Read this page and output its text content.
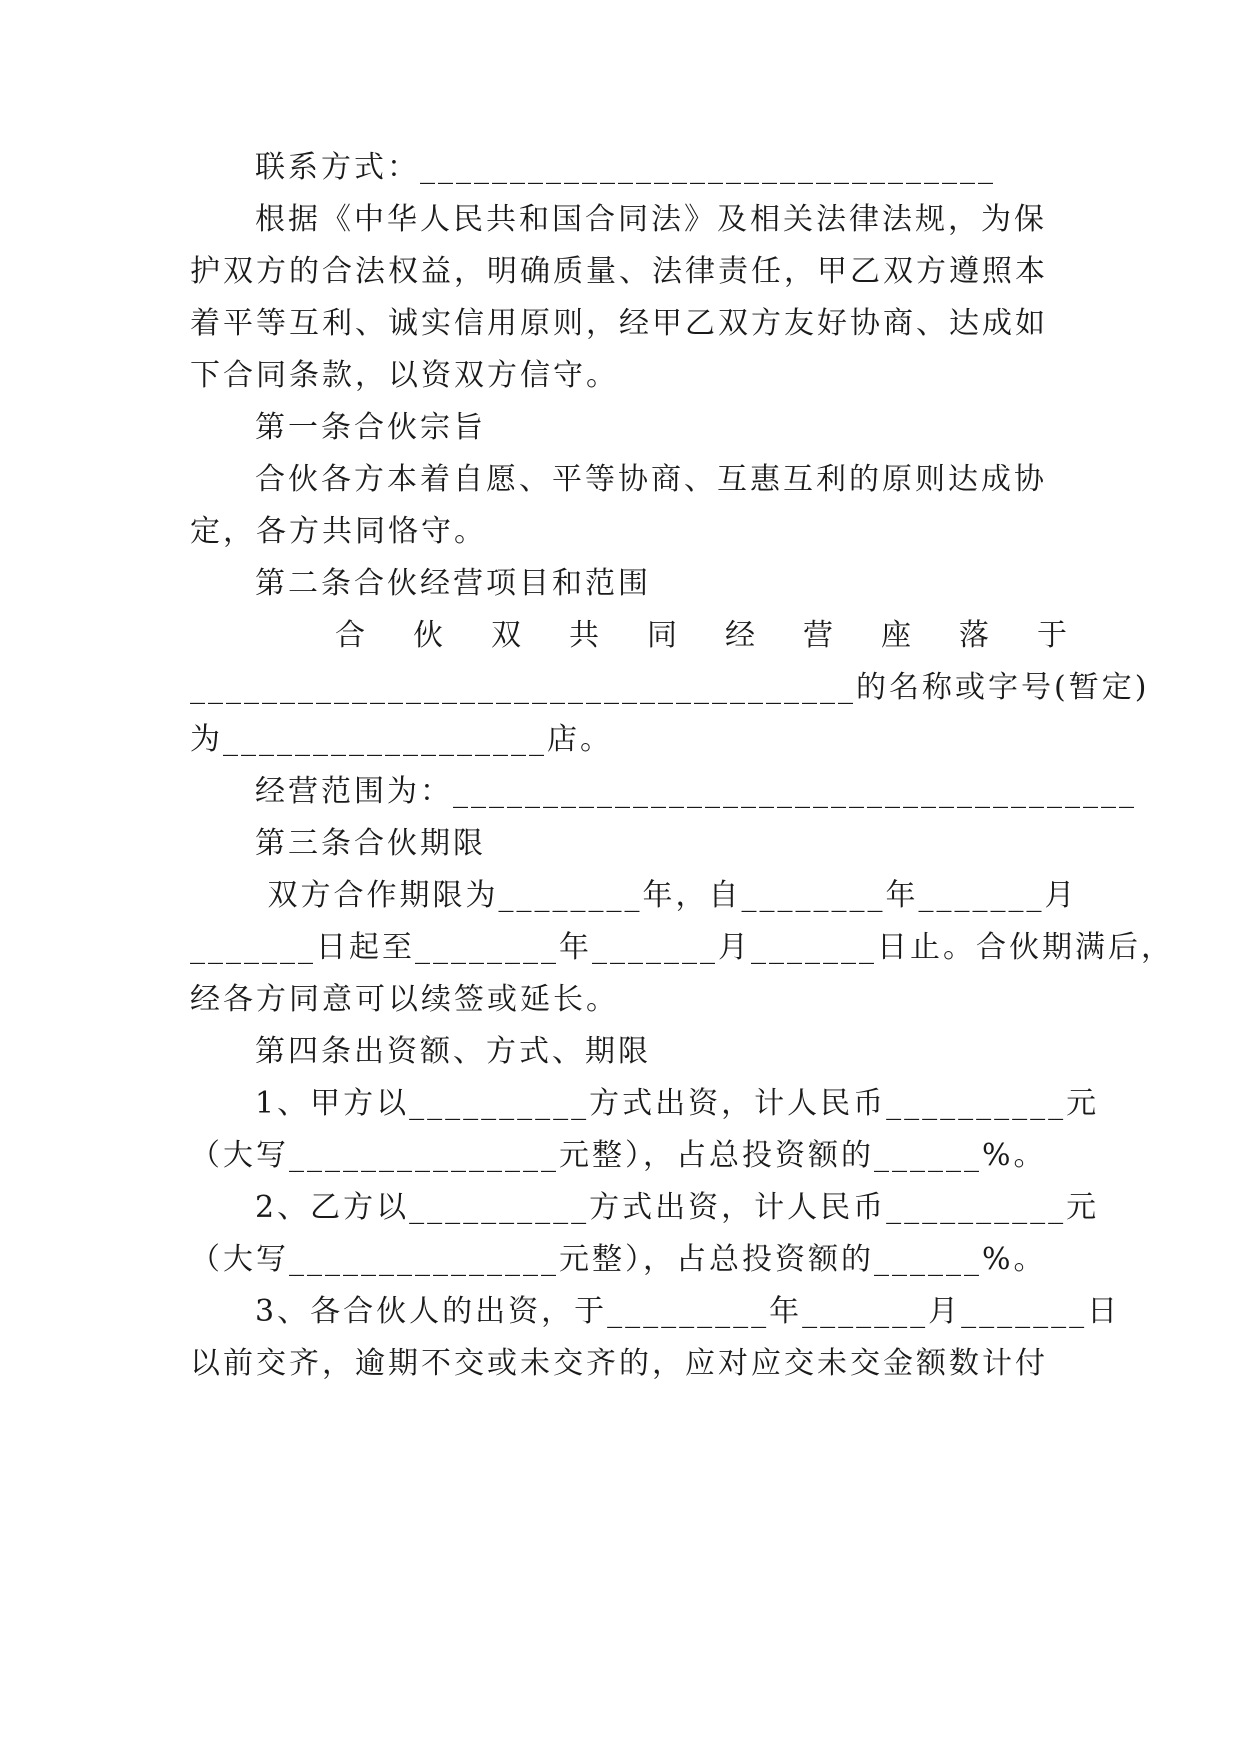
联系方式：________________________________
根据《中华人民共和国合同法》及相关法律法规，为保
护双方的合法权益，明确质量、法律责任，甲乙双方遵照本
着平等互利、诚实信用原则，经甲乙双方友好协商、达成如
下合同条款，以资双方信守。
第一条合伙宗旨
合伙各方本着自愿、平等协商、互惠互利的原则达成协
定，各方共同恪守。
第二条合伙经营项目和范围
合 伙 双 共 同 经 营 座 落 于
_____________________________________的名称或字号(暂定)
为__________________店。
经营范围为：______________________________________
第三条合伙期限
双方合作期限为________年，自________年_______月
_______日起至________年_______月_______日止。合伙期满后，
经各方同意可以续签或延长。
第四条出资额、方式、期限
1、甲方以__________方式出资，计人民币__________元
（大写_______________元整），占总投资额的______%。
2、乙方以__________方式出资，计人民币__________元
（大写_______________元整），占总投资额的______%。
3、各合伙人的出资，于_________年_______月_______日
以前交齐，逾期不交或未交齐的，应对应交未交金额数计付
